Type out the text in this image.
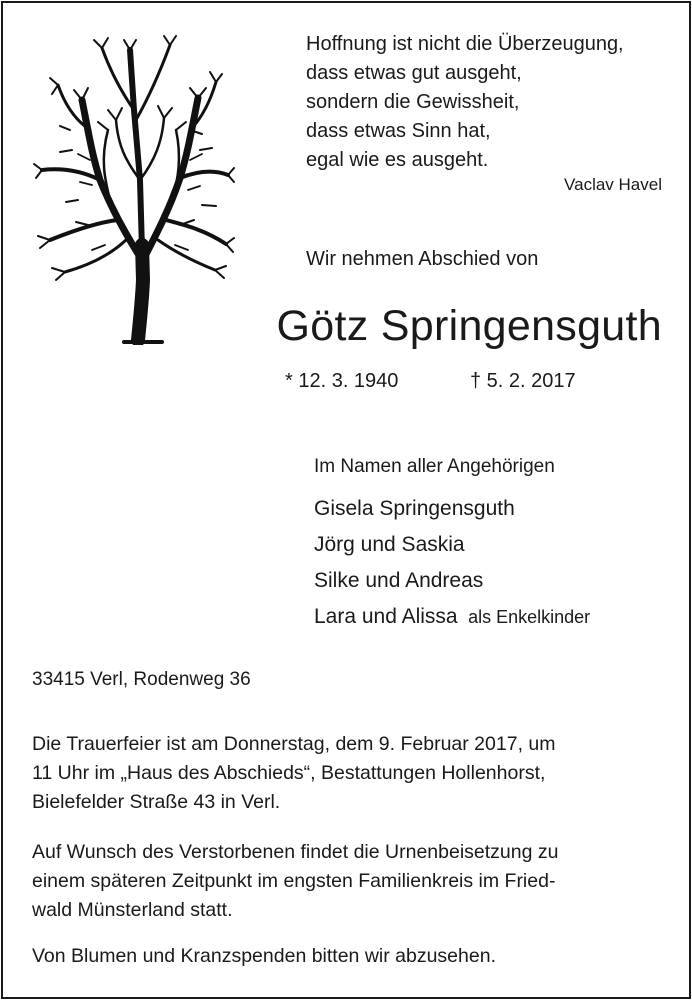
Hoffnung ist nicht die Überzeugung,
dass etwas gut ausgeht,
sondern die Gewissheit,
dass etwas Sinn hat,
egal wie es ausgeht.
Vaclav Havel
Wir nehmen Abschied von
Götz Springensguth
* 12. 3. 1940	† 5. 2. 2017
Im Namen aller Angehörigen
Gisela Springensguth
Jörg und Saskia
Silke und Andreas
Lara und Alissa als Enkelkinder
33415 Verl, Rodenweg 36
Die Trauerfeier ist am Donnerstag, dem 9. Februar 2017, um
11 Uhr im „Haus des Abschieds“, Bestattungen Hollenhorst,
Bielefelder Straße 43 in Verl.
Auf Wunsch des Verstorbenen findet die Urnenbeisetzung zu
einem späteren Zeitpunkt im engsten Familienkreis im Fried-
wald Münsterland statt.
Von Blumen und Kranzspenden bitten wir abzusehen.
